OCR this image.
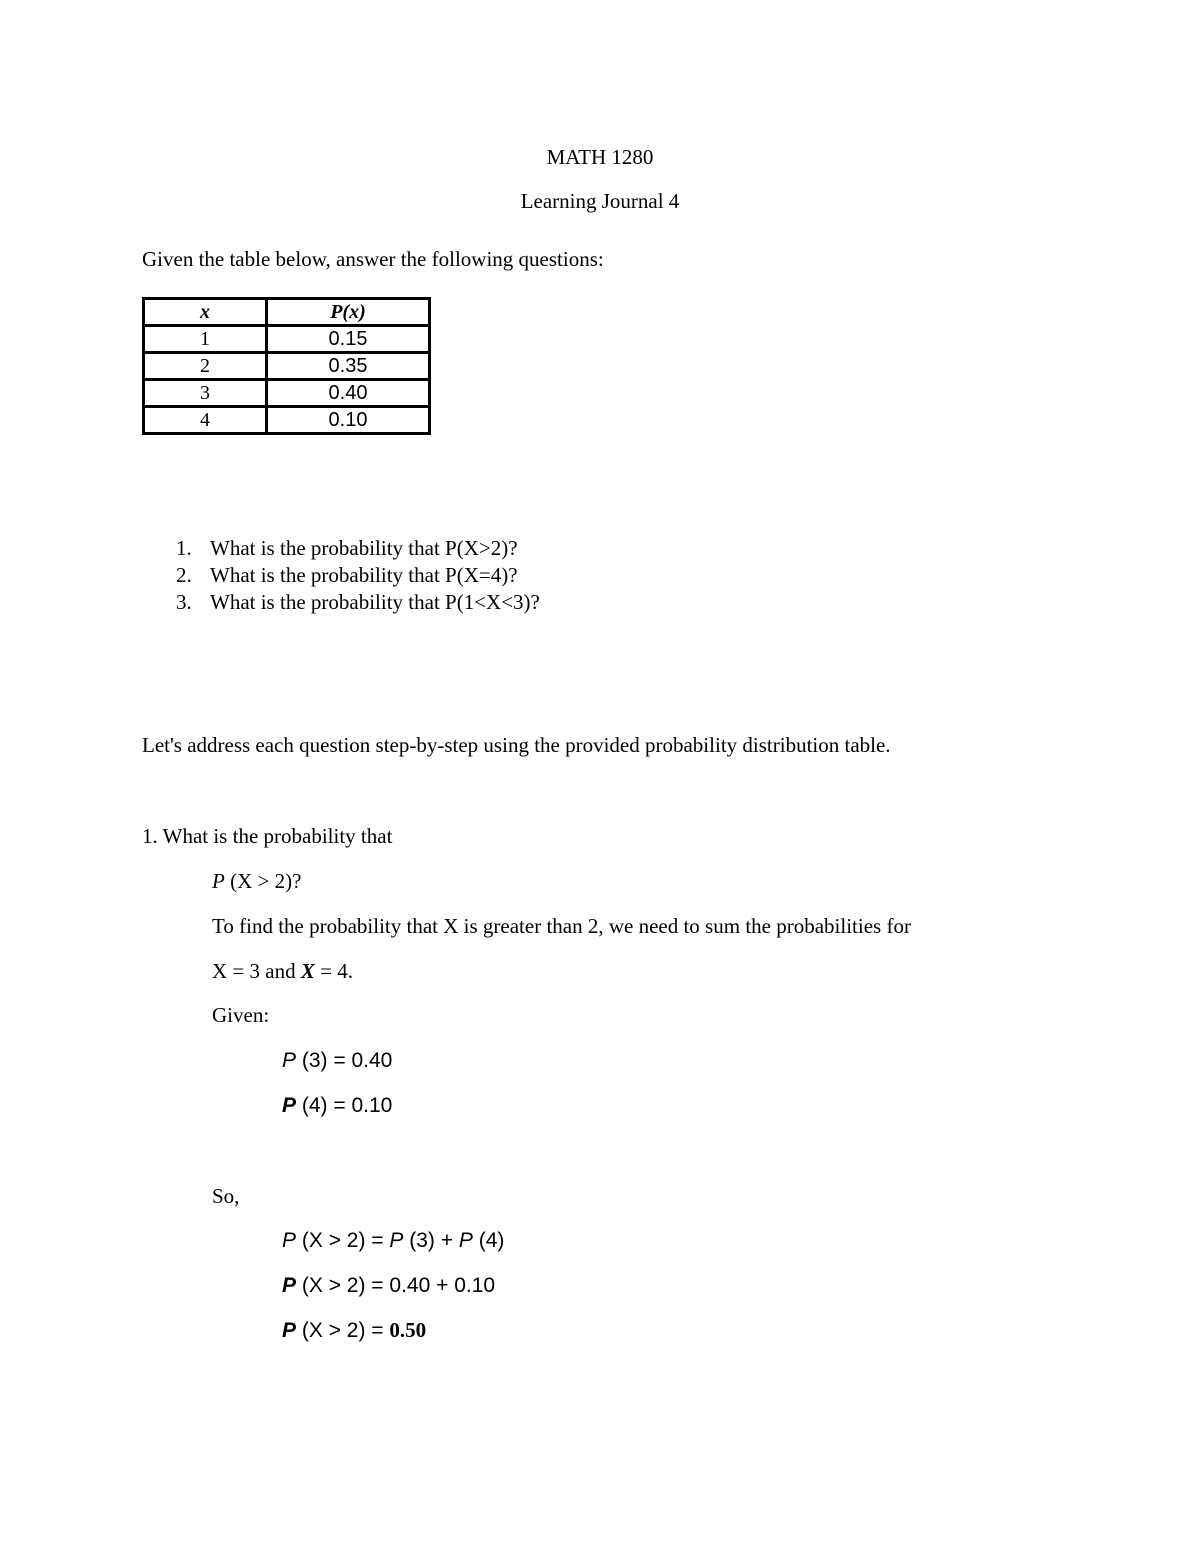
MATH 1280
Learning Journal 4
Given the table below, answer the following questions:
x	P(x)
1	0.15
2	0.35
3	0.40
4	0.10
1. What is the probability that P(X>2)?
2. What is the probability that P(X=4)?
3. What is the probability that P(1<X<3)?
Let's address each question step-by-step using the provided probability distribution table.
1. What is the probability that
P (X > 2)?
To find the probability that X is greater than 2, we need to sum the probabilities for
X = 3 and X = 4.
Given:
P (3) = 0.40
P (4) = 0.10
So,
P (X > 2) = P (3) + P (4)
P (X > 2) = 0.40 + 0.10
P (X > 2) = 0.50
